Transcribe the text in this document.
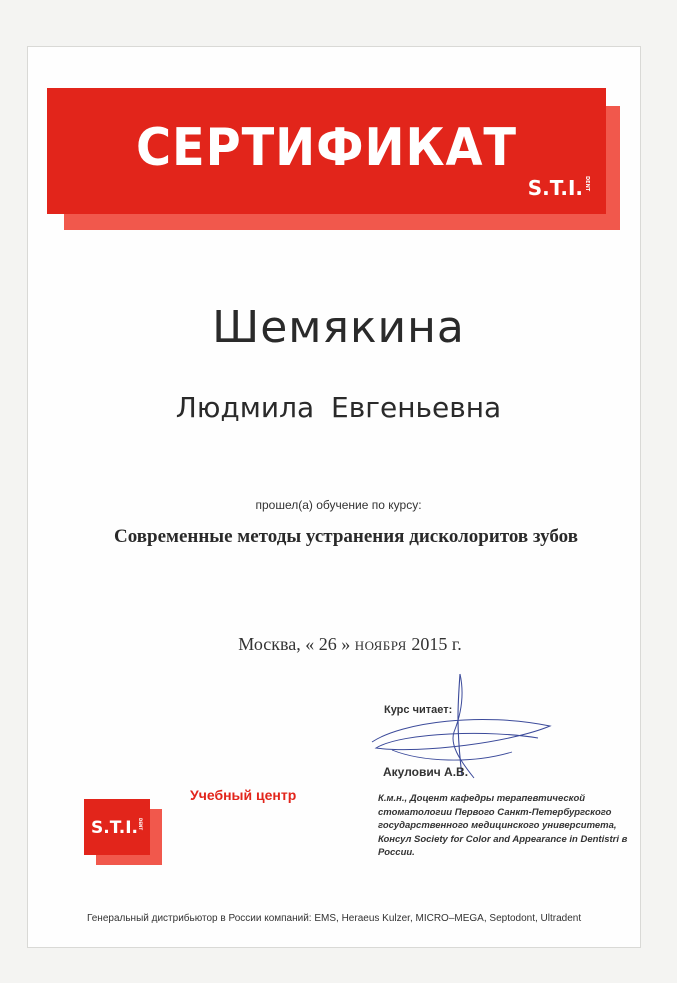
СЕРТИФИКАТ
S.T.I.DENT
Шемякина
Людмила Евгеньевна
прошел(а) обучение по курсу:
Современные методы устранения дисколоритов зубов
Москва, « 26 » НОЯБРЯ 2015 г.
Курс читает:
Акулович А.В.
К.м.н., Доцент кафедры терапевтической стоматологии Первого Санкт-Петербургского государственного медицинского университета, Консул Society for Color and Appearance in Dentistri в России.
Учебный центр
S.T.I.DENT
Генеральный дистрибьютор в России компаний: EMS, Heraeus Kulzer, MICRO–MEGA, Septodont, Ultradent
